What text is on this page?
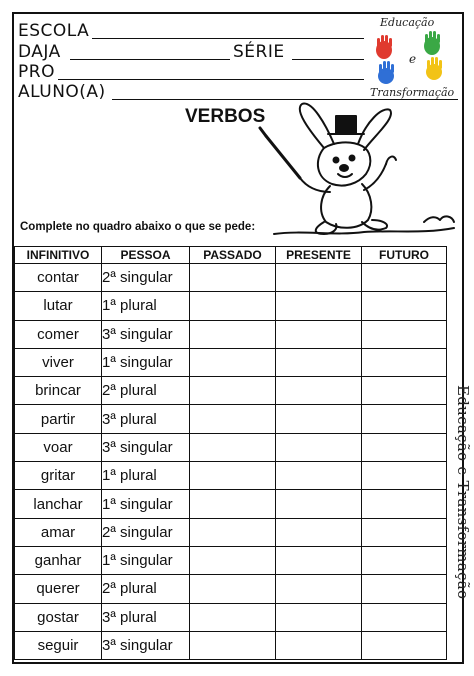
ESCOLA
DAJA	SÉRIE
PRO
ALUNO(A)
Educação
e
Transformação
VERBOS
Complete no quadro abaixo o que se pede:
INFINITIVO	PESSOA	PASSADO	PRESENTE	FUTURO
contar	2ª singular			
lutar	1ª plural			
comer	3ª singular			
viver	1ª singular			
brincar	2ª plural			
partir	3ª plural			
voar	3ª singular			
gritar	1ª plural			
lanchar	1ª singular			
amar	2ª singular			
ganhar	1ª singular			
querer	2ª plural			
gostar	3ª plural			
seguir	3ª singular			
Educação e Transformação
